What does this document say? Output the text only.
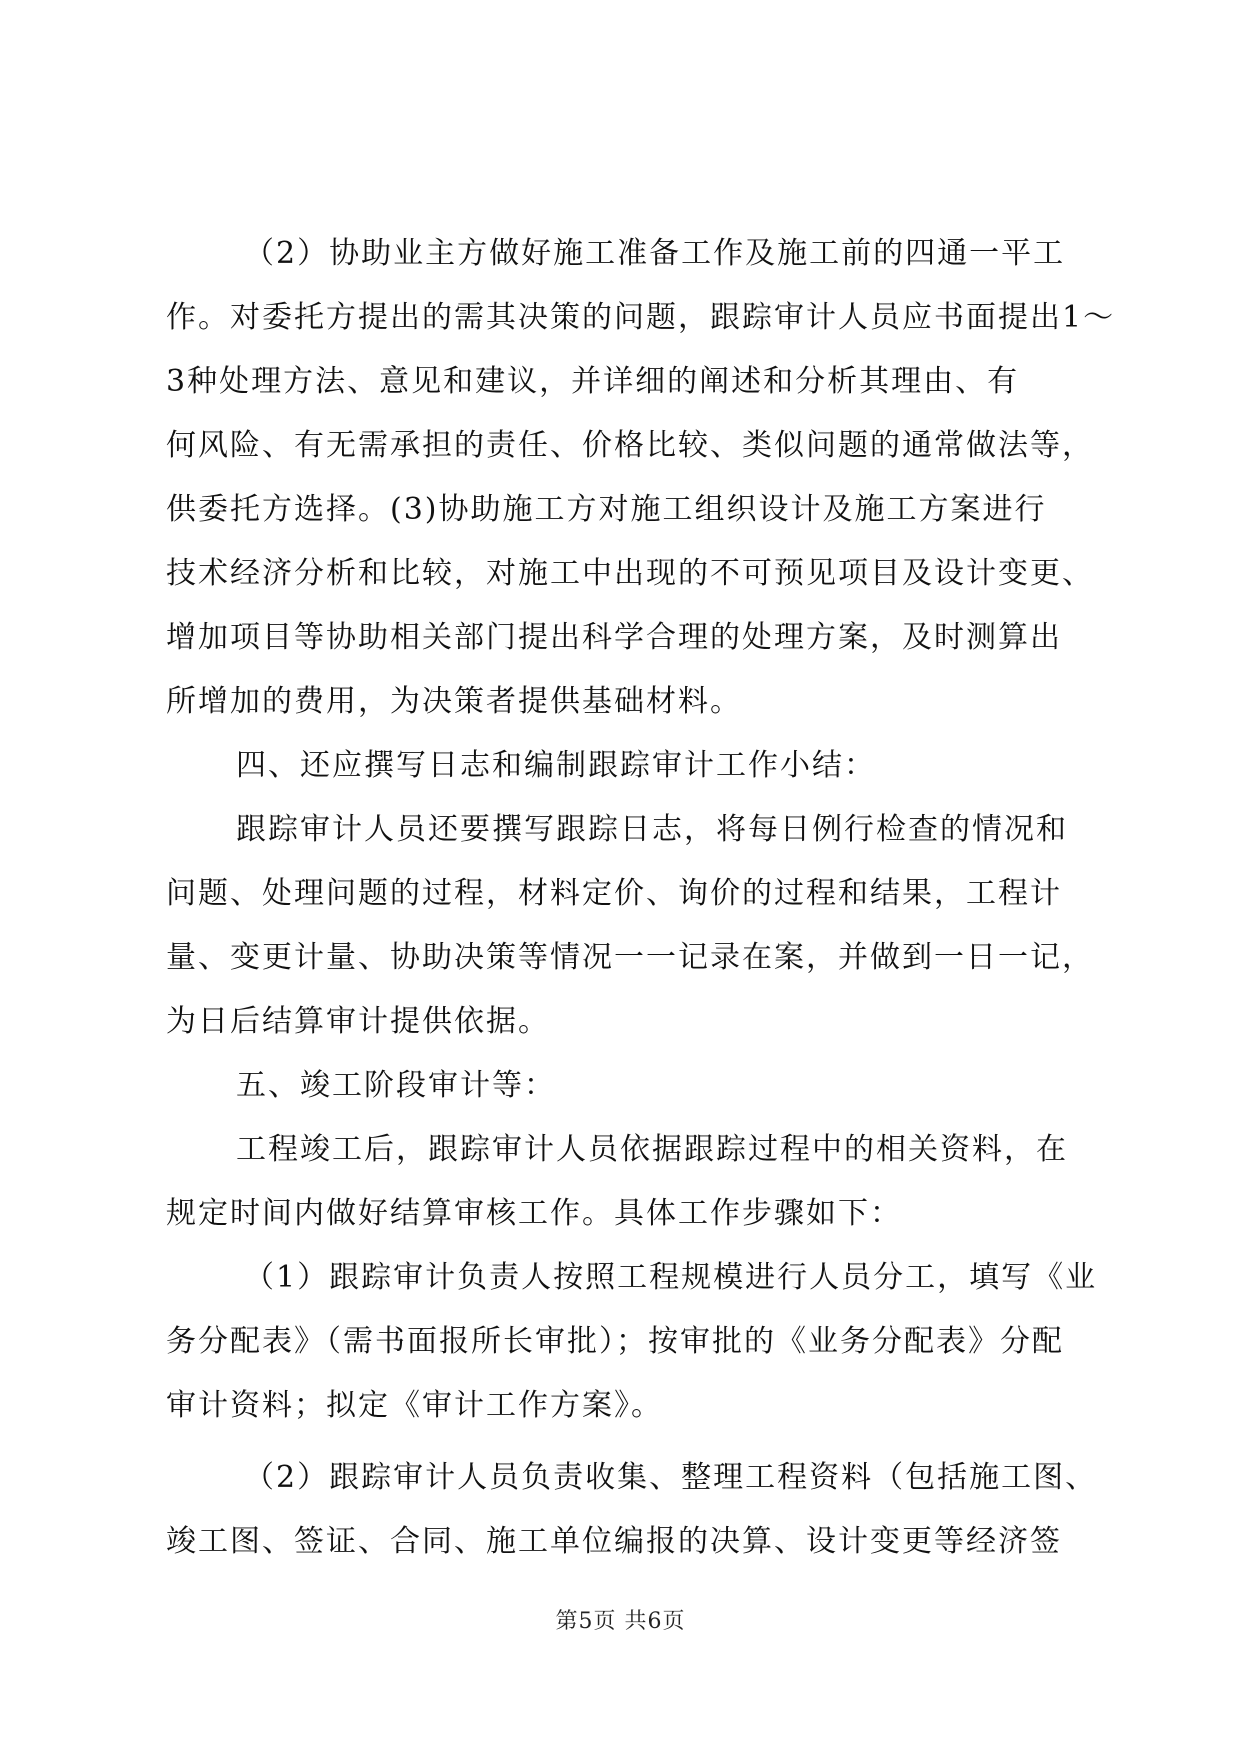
（2）协助业主方做好施工准备工作及施工前的四通一平工
作。对委托方提出的需其决策的问题，跟踪审计人员应书面提出1～
3种处理方法、意见和建议，并详细的阐述和分析其理由、有
何风险、有无需承担的责任、价格比较、类似问题的通常做法等，
供委托方选择。(3)协助施工方对施工组织设计及施工方案进行
技术经济分析和比较，对施工中出现的不可预见项目及设计变更、
增加项目等协助相关部门提出科学合理的处理方案，及时测算出
所增加的费用，为决策者提供基础材料。
四、还应撰写日志和编制跟踪审计工作小结：
跟踪审计人员还要撰写跟踪日志，将每日例行检查的情况和
问题、处理问题的过程，材料定价、询价的过程和结果，工程计
量、变更计量、协助决策等情况一一记录在案，并做到一日一记，
为日后结算审计提供依据。
五、竣工阶段审计等：
工程竣工后，跟踪审计人员依据跟踪过程中的相关资料，在
规定时间内做好结算审核工作。具体工作步骤如下：
（1）跟踪审计负责人按照工程规模进行人员分工，填写《业
务分配表》（需书面报所长审批）；按审批的《业务分配表》分配
审计资料；拟定《审计工作方案》。
（2）跟踪审计人员负责收集、整理工程资料（包括施工图、
竣工图、签证、合同、施工单位编报的决算、设计变更等经济签
第5页 共6页
